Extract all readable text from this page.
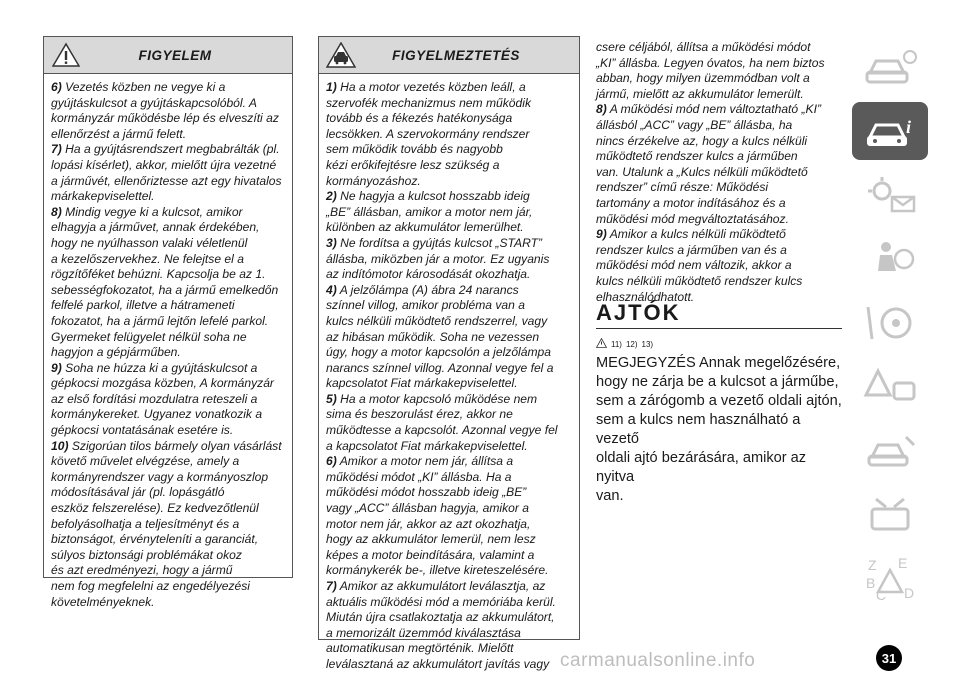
FIGYELEM

6) Vezetés közben ne vegye ki a
gyújtáskulcsot a gyújtáskapcsolóból. A
kormányzár működésbe lép és elveszíti az
ellenőrzést a jármű felett.

7) Ha a gyújtásrendszert megbabrálták (pl.
lopási kísérlet), akkor, mielőtt újra vezetné
a járművét, ellenőriztesse azt egy hivatalos
márkakepviselettel.

8) Mindig vegye ki a kulcsot, amikor
elhagyja a járművet, annak érdekében,
hogy ne nyúlhasson valaki véletlenül
a kezelőszervekhez. Ne felejtse el a
rögzítőféket behúzni. Kapcsolja be az 1.
sebességfokozatot, ha a jármű emelkedőn
felfelé parkol, illetve a hátrameneti
fokozatot, ha a jármű lejtőn lefelé parkol.
Gyermeket felügyelet nélkül soha ne
hagyjon a gépjárműben.

9) Soha ne húzza ki a gyújtáskulcsot a
gépkocsi mozgása közben, A kormányzár
az első fordítási mozdulatra reteszeli a
kormánykereket. Ugyanez vonatkozik a
gépkocsi vontatásának esetére is.

10) Szigorúan tilos bármely olyan vásárlást
követő művelet elvégzése, amely a
kormányrendszer vagy a kormányoszlop
módosításával jár (pl. lopásgátló
eszköz felszerelése). Ez kedvezőtlenül
befolyásolhatja a teljesítményt és a
biztonságot, érvényteleníti a garanciát,
súlyos biztonsági problémákat okoz
és azt eredményezi, hogy a jármű
nem fog megfelelni az engedélyezési
követelményeknek.

FIGYELMEZTETÉS

1) Ha a motor vezetés közben leáll, a
szervofék mechanizmus nem működik
tovább és a fékezés hatékonysága
lecsökken. A szervokormány rendszer
sem működik tovább és nagyobb
kézi erőkifejtésre lesz szükség a
kormányozáshoz.

2) Ne hagyja a kulcsot hosszabb ideig
„BE” állásban, amikor a motor nem jár,
különben az akkumulátor lemerülhet.

3) Ne fordítsa a gyújtás kulcsot „START”
állásba, miközben jár a motor. Ez ugyanis
az indítómotor károsodását okozhatja.

4) A jelzőlámpa (A) ábra 24 narancs
színnel villog, amikor probléma van a
kulcs nélküli működtető rendszerrel, vagy
az hibásan működik. Soha ne vezessen
úgy, hogy a motor kapcsolón a jelzőlámpa
narancs színnel villog. Azonnal vegye fel a
kapcsolatot Fiat márkakepviselettel.

5) Ha a motor kapcsoló működése nem
sima és beszorulást érez, akkor ne
működtesse a kapcsolót. Azonnal vegye fel
a kapcsolatot Fiat márkakepviselettel.

6) Amikor a motor nem jár, állítsa a
működési módot „KI” állásba. Ha a
működési módot hosszabb ideig „BE”
vagy „ACC” állásban hagyja, amikor a
motor nem jár, akkor az azt okozhatja,
hogy az akkumulátor lemerül, nem lesz
képes a motor beindítására, valamint a
kormánykerék be-, illetve kireteszelésére.

7) Amikor az akkumulátort leválasztja, az
aktuális működési mód a memóriába kerül.
Miután újra csatlakoztatja az akkumulátort,
a memorizált üzemmód kiválasztása
automatikusan megtörténik. Mielőtt
leválasztaná az akkumulátort javítás vagy

csere céljából, állítsa a működési módot
„KI” állásba. Legyen óvatos, ha nem biztos
abban, hogy milyen üzemmódban volt a
jármű, mielőtt az akkumulátor lemerült.

8) A működési mód nem változtatható „KI”
állásból „ACC” vagy „BE” állásba, ha
nincs érzékelve az, hogy a kulcs nélküli
működtető rendszer kulcs a járműben
van. Utalunk a „Kulcs nélküli működtető
rendszer” című része: Működési
tartomány a motor indításához és a
működési mód megváltoztatásához.

9) Amikor a kulcs nélküli működtető
rendszer kulcs a járműben van és a
működési mód nem változik, akkor a
kulcs nélküli működtető rendszer kulcs
elhasználódhatott.

AJTÓK
11) 12) 13)
MEGJEGYZÉS Annak megelőzésére,
hogy ne zárja be a kulcsot a járműbe,
sem a zárógomb a vezető oldali ajtón,
sem a kulcs nem használható a vezető
oldali ajtó bezárására, amikor az nyitva
van.
i
Z E
B
C D
carmanualsonline.info	31
